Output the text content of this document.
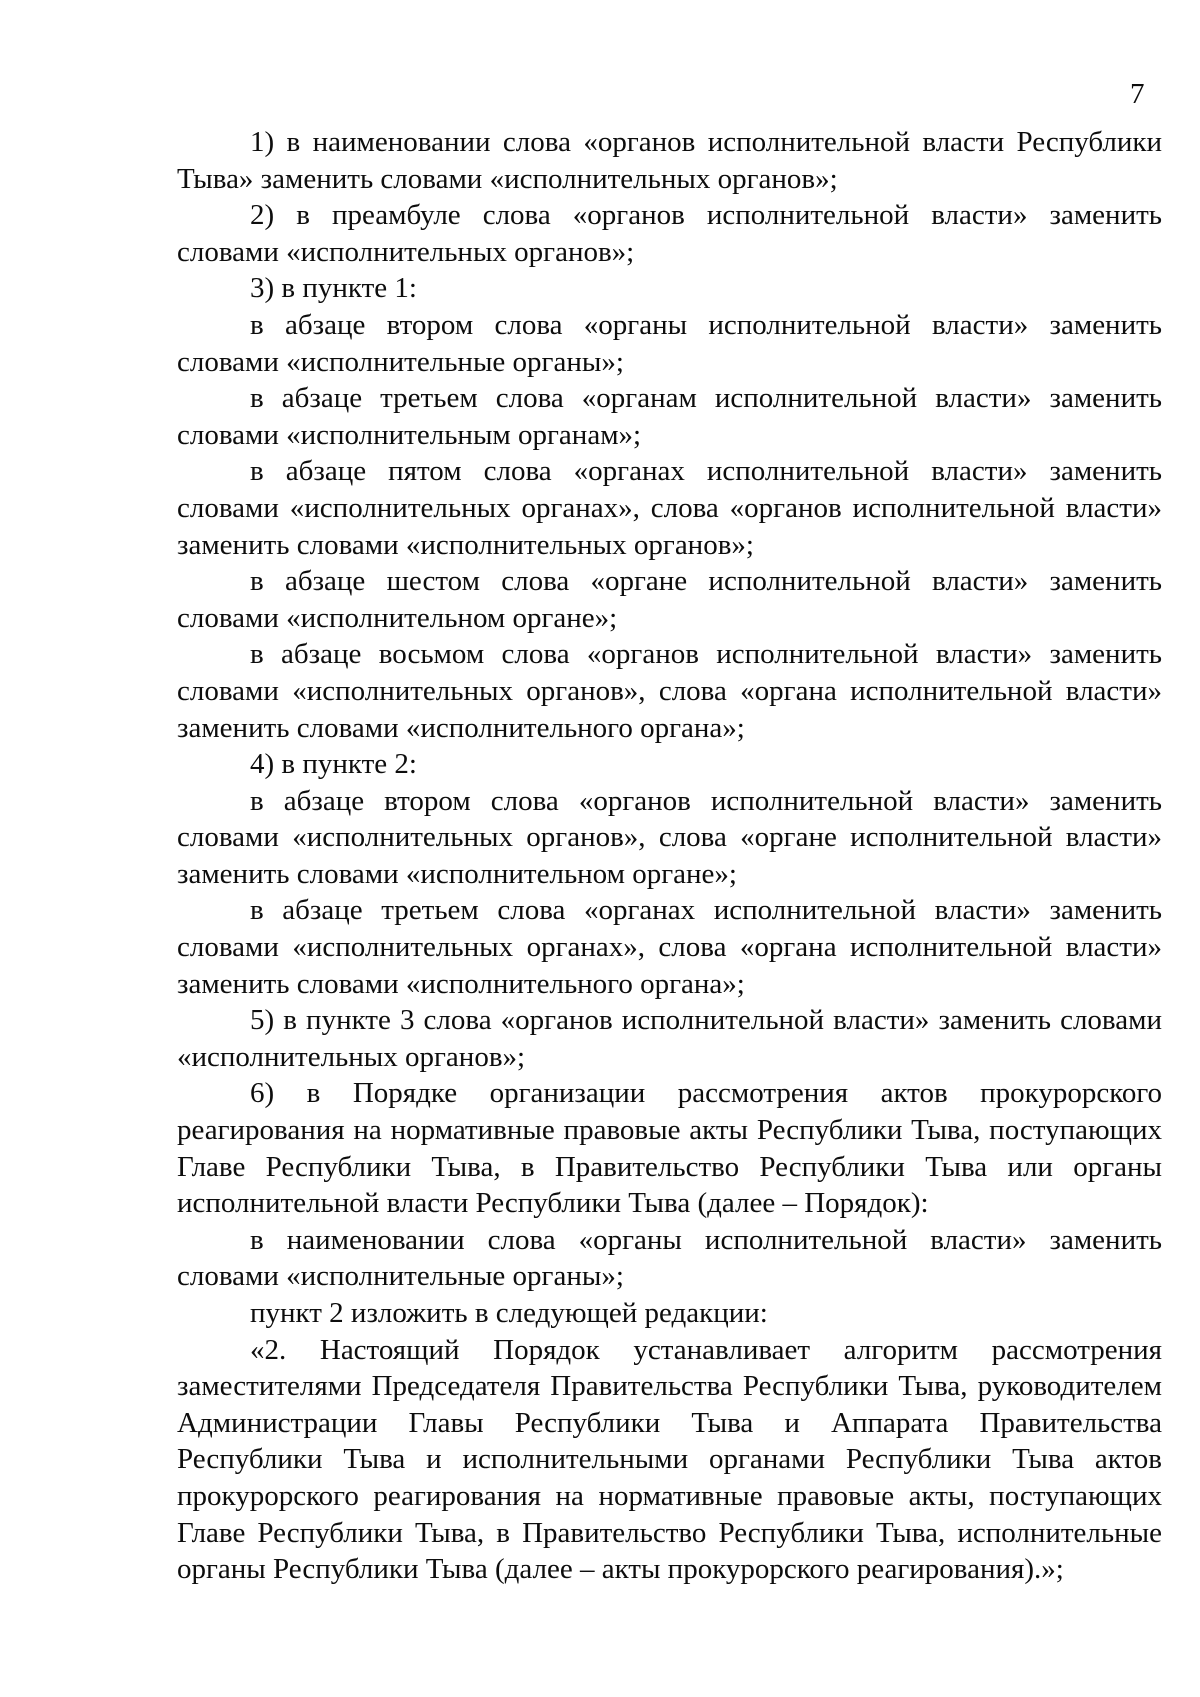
7

1) в наименовании слова «органов исполнительной власти Республики Тыва» заменить словами «исполнительных органов»;

2) в преамбуле слова «органов исполнительной власти» заменить словами «исполнительных органов»;

3) в пункте 1:

в абзаце втором слова «органы исполнительной власти» заменить словами «исполнительные органы»;

в абзаце третьем слова «органам исполнительной власти» заменить словами «исполнительным органам»;

в абзаце пятом слова «органах исполнительной власти» заменить словами «исполнительных органах», слова «органов исполнительной власти» заменить словами «исполнительных органов»;

в абзаце шестом слова «органе исполнительной власти» заменить словами «исполнительном органе»;

в абзаце восьмом слова «органов исполнительной власти» заменить словами «исполнительных органов», слова «органа исполнительной власти» заменить словами «исполнительного органа»;

4) в пункте 2:

в абзаце втором слова «органов исполнительной власти» заменить словами «исполнительных органов», слова «органе исполнительной власти» заменить словами «исполнительном органе»;

в абзаце третьем слова «органах исполнительной власти» заменить словами «исполнительных органах», слова «органа исполнительной власти» заменить словами «исполнительного органа»;

5) в пункте 3 слова «органов исполнительной власти» заменить словами «исполнительных органов»;

6) в Порядке организации рассмотрения актов прокурорского реагирования на нормативные правовые акты Республики Тыва, поступающих Главе Республики Тыва, в Правительство Республики Тыва или органы исполнительной власти Республики Тыва (далее – Порядок):

в наименовании слова «органы исполнительной власти» заменить словами «исполнительные органы»;

пункт 2 изложить в следующей редакции:

«2. Настоящий Порядок устанавливает алгоритм рассмотрения заместителями Председателя Правительства Республики Тыва, руководителем Администрации Главы Республики Тыва и Аппарата Правительства Республики Тыва и исполнительными органами Республики Тыва актов прокурорского реагирования на нормативные правовые акты, поступающих Главе Республики Тыва, в Правительство Республики Тыва, исполнительные органы Республики Тыва (далее – акты прокурорского реагирования).»;
